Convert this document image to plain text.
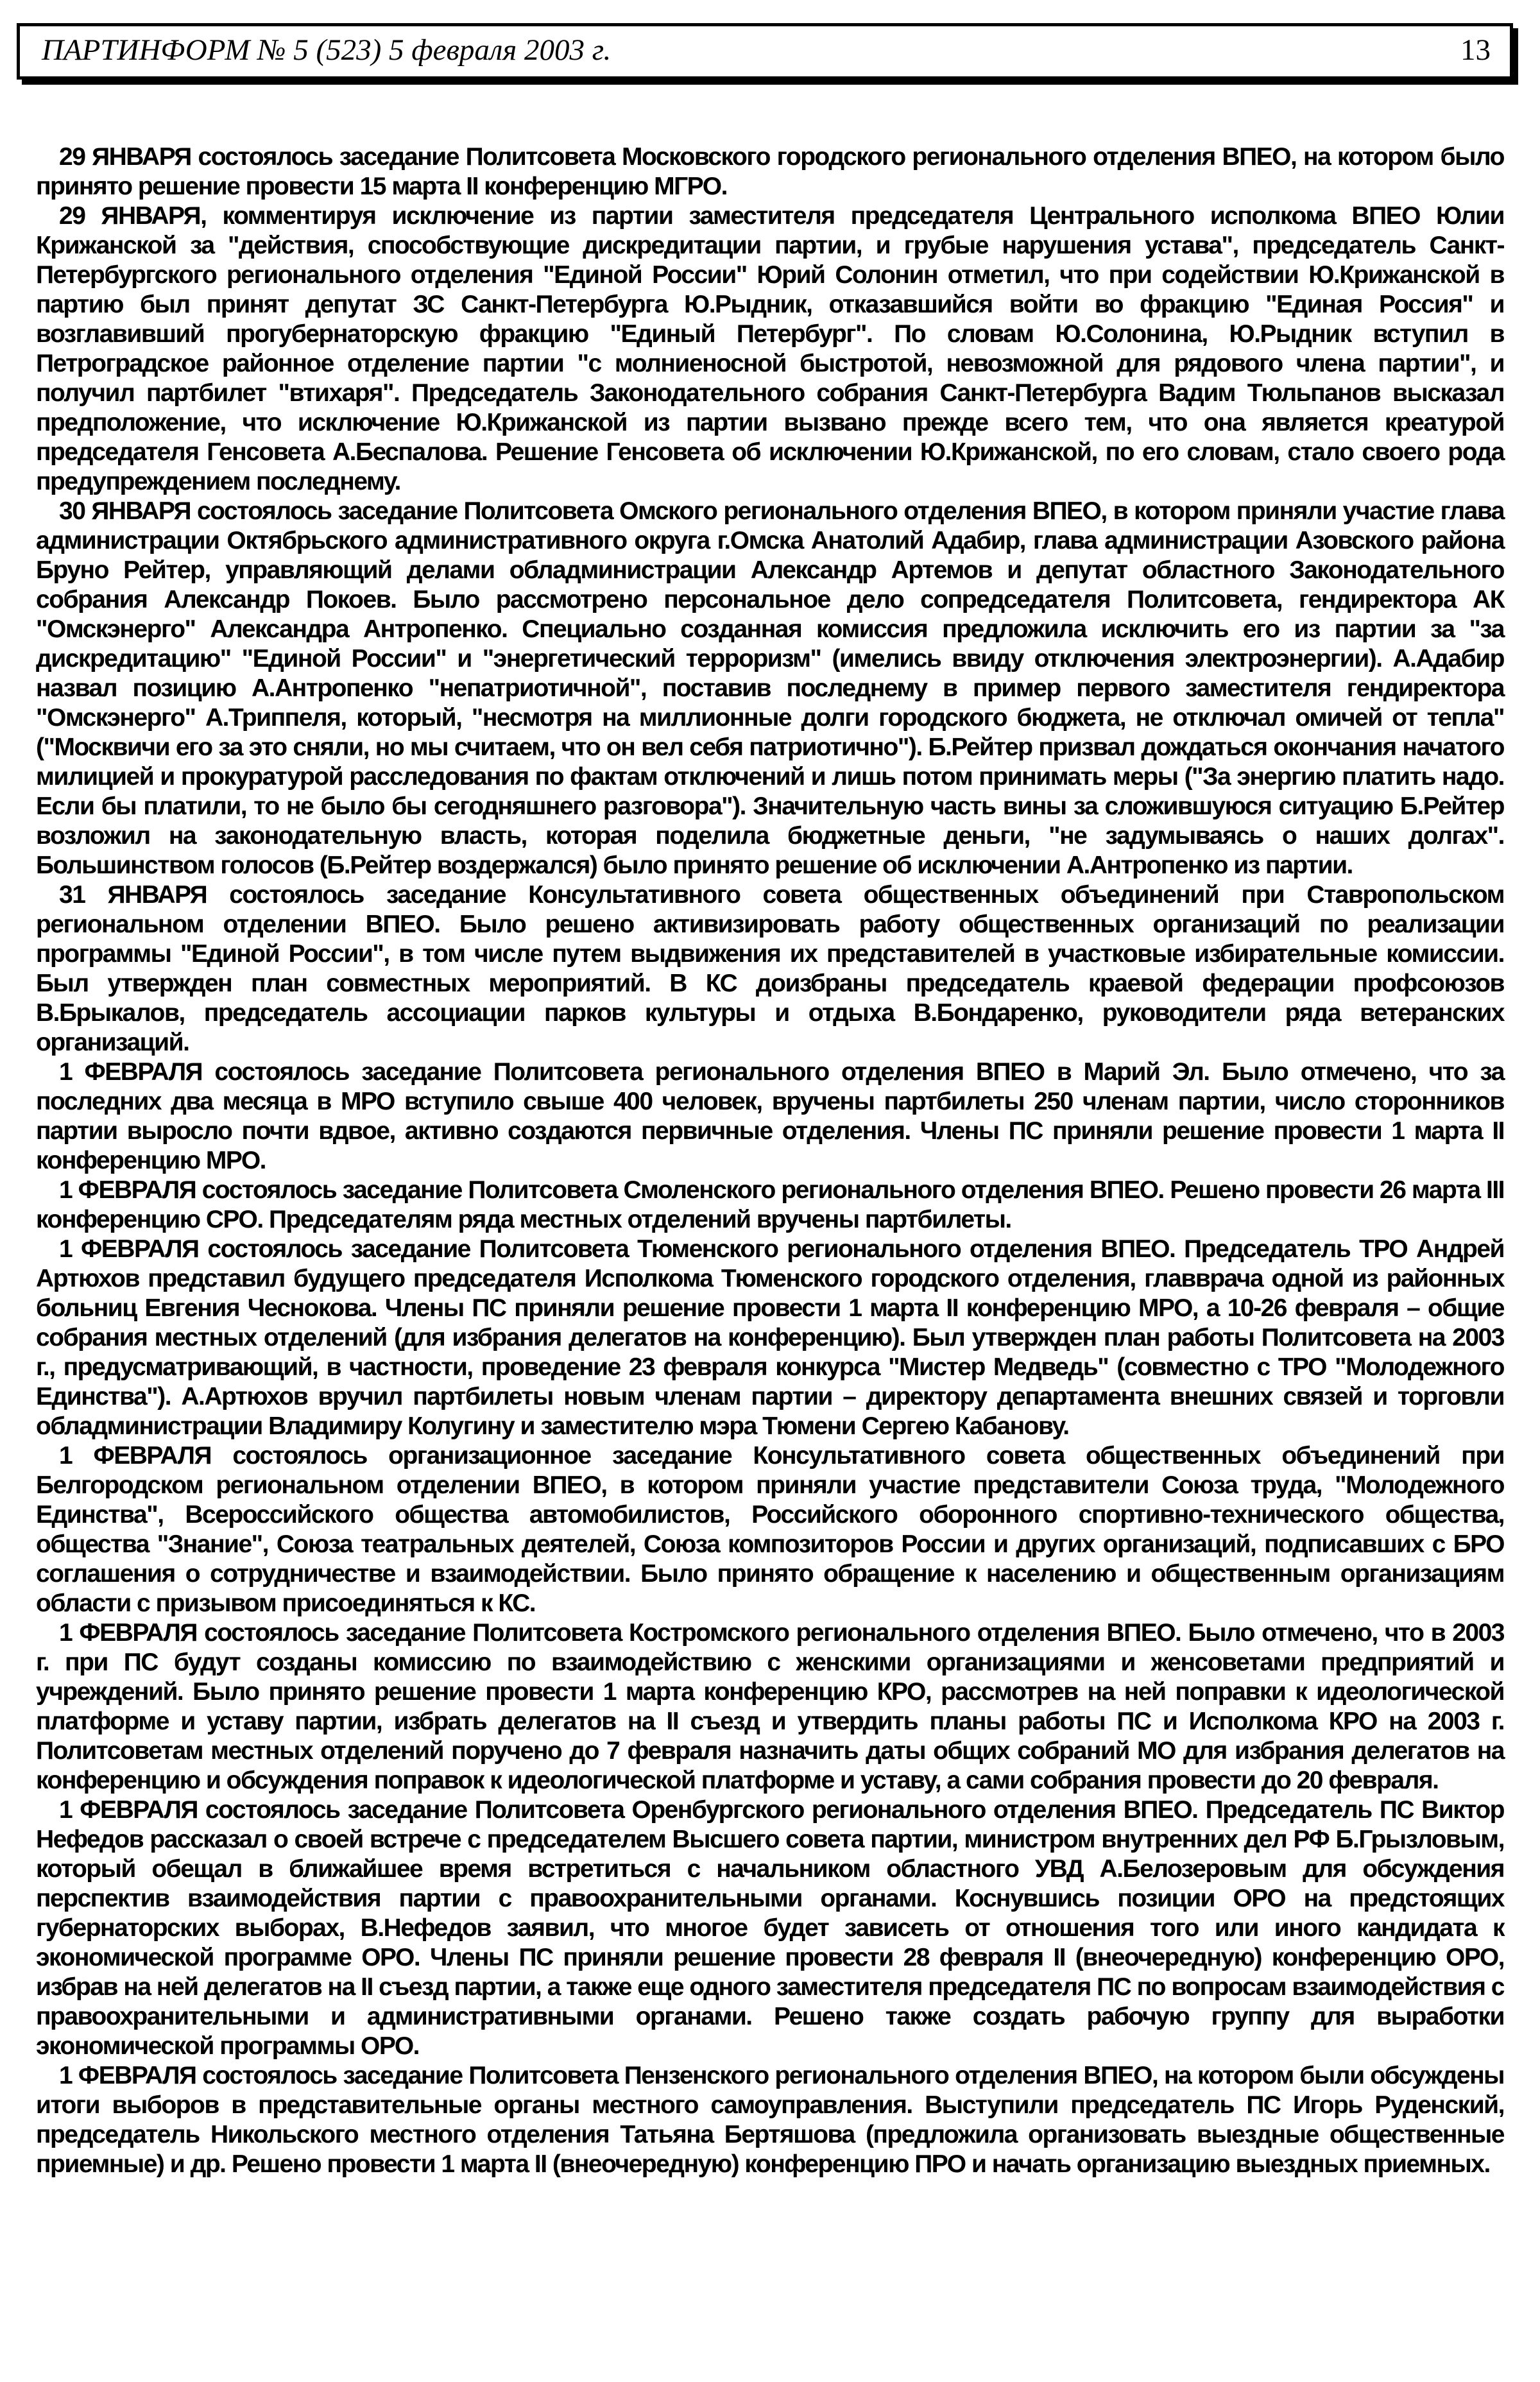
ПАРТИНФОРМ № 5 (523) 5 февраля 2003 г.	13

29 ЯНВАРЯ состоялось заседание Политсовета Московского городского регионального отделения ВПЕО, на котором было принято решение провести 15 марта II конференцию МГРО.

29 ЯНВАРЯ, комментируя исключение из партии заместителя председателя Центрального исполкома ВПЕО Юлии Крижанской за "действия, способствующие дискредитации партии, и грубые нарушения устава", председатель Санкт-Петербургского регионального отделения "Единой России" Юрий Солонин отметил, что при содействии Ю.Крижанской в партию был принят депутат ЗС Санкт-Петербурга Ю.Рыдник, отказавшийся войти во фракцию "Единая Россия" и возглавивший прогубернаторскую фракцию "Единый Петербург". По словам Ю.Солонина, Ю.Рыдник вступил в Петроградское районное отделение партии "с молниеносной быстротой, невозможной для рядового члена партии", и получил партбилет "втихаря". Председатель Законодательного собрания Санкт-Петербурга Вадим Тюльпанов высказал предположение, что исключение Ю.Крижанской из партии вызвано прежде всего тем, что она является креатурой председателя Генсовета А.Беспалова. Решение Генсовета об исключении Ю.Крижанской, по его словам, стало своего рода предупреждением последнему.

30 ЯНВАРЯ состоялось заседание Политсовета Омского регионального отделения ВПЕО, в котором приняли участие глава администрации Октябрьского административного округа г.Омска Анатолий Адабир, глава администрации Азовского района Бруно Рейтер, управляющий делами обладминистрации Александр Артемов и депутат областного Законодательного собрания Александр Покоев. Было рассмотрено персональное дело сопредседателя Политсовета, гендиректора АК "Омскэнерго" Александра Антропенко. Специально созданная комиссия предложила исключить его из партии за "за дискредитацию" "Единой России" и "энергетический терроризм" (имелись ввиду отключения электроэнергии). А.Адабир назвал позицию А.Антропенко "непатриотичной", поставив последнему в пример первого заместителя гендиректора "Омскэнерго" А.Триппеля, который, "несмотря на миллионные долги городского бюджета, не отключал омичей от тепла" ("Москвичи его за это сняли, но мы считаем, что он вел себя патриотично"). Б.Рейтер призвал дождаться окончания начатого милицией и прокуратурой расследования по фактам отключений и лишь потом принимать меры ("За энергию платить надо. Если бы платили, то не было бы сегодняшнего разговора"). Значительную часть вины за сложившуюся ситуацию Б.Рейтер возложил на законодательную власть, которая поделила бюджетные деньги, "не задумываясь о наших долгах". Большинством голосов (Б.Рейтер воздержался) было принято решение об исключении А.Антропенко из партии.

31 ЯНВАРЯ состоялось заседание Консультативного совета общественных объединений при Ставропольском региональном отделении ВПЕО. Было решено активизировать работу общественных организаций по реализации программы "Единой России", в том числе путем выдвижения их представителей в участковые избирательные комиссии. Был утвержден план совместных мероприятий. В КС доизбраны председатель краевой федерации профсоюзов В.Брыкалов, председатель ассоциации парков культуры и отдыха В.Бондаренко, руководители ряда ветеранских организаций.

1 ФЕВРАЛЯ состоялось заседание Политсовета регионального отделения ВПЕО в Марий Эл. Было отмечено, что за последних два месяца в МРО вступило свыше 400 человек, вручены партбилеты 250 членам партии, число сторонников партии выросло почти вдвое, активно создаются первичные отделения. Члены ПС приняли решение провести 1 марта II конференцию МРО.

1 ФЕВРАЛЯ состоялось заседание Политсовета Смоленского регионального отделения ВПЕО. Решено провести 26 марта III конференцию СРО. Председателям ряда местных отделений вручены партбилеты.

1 ФЕВРАЛЯ состоялось заседание Политсовета Тюменского регионального отделения ВПЕО. Председатель ТРО Андрей Артюхов представил будущего председателя Исполкома Тюменского городского отделения, главврача одной из районных больниц Евгения Чеснокова. Члены ПС приняли решение провести 1 марта II конференцию МРО, а 10-26 февраля – общие собрания местных отделений (для избрания делегатов на конференцию). Был утвержден план работы Политсовета на 2003 г., предусматривающий, в частности, проведение 23 февраля конкурса "Мистер Медведь" (совместно с ТРО "Молодежного Единства"). А.Артюхов вручил партбилеты новым членам партии – директору департамента внешних связей и торговли обладминистрации Владимиру Колугину и заместителю мэра Тюмени Сергею Кабанову.

1 ФЕВРАЛЯ состоялось организационное заседание Консультативного совета общественных объединений при Белгородском региональном отделении ВПЕО, в котором приняли участие представители Союза труда, "Молодежного Единства", Всероссийского общества автомобилистов, Российского оборонного спортивно-технического общества, общества "Знание", Союза театральных деятелей, Союза композиторов России и других организаций, подписавших с БРО соглашения о сотрудничестве и взаимодействии. Было принято обращение к населению и общественным организациям области с призывом присоединяться к КС.

1 ФЕВРАЛЯ состоялось заседание Политсовета Костромского регионального отделения ВПЕО. Было отмечено, что в 2003 г. при ПС будут созданы комиссию по взаимодействию с женскими организациями и женсоветами предприятий и учреждений. Было принято решение провести 1 марта конференцию КРО, рассмотрев на ней поправки к идеологической платформе и уставу партии, избрать делегатов на II съезд и утвердить планы работы ПС и Исполкома КРО на 2003 г. Политсоветам местных отделений поручено до 7 февраля назначить даты общих собраний МО для избрания делегатов на конференцию и обсуждения поправок к идеологической платформе и уставу, а сами собрания провести до 20 февраля.

1 ФЕВРАЛЯ состоялось заседание Политсовета Оренбургского регионального отделения ВПЕО. Председатель ПС Виктор Нефедов рассказал о своей встрече с председателем Высшего совета партии, министром внутренних дел РФ Б.Грызловым, который обещал в ближайшее время встретиться с начальником областного УВД А.Белозеровым для обсуждения перспектив взаимодействия партии с правоохранительными органами. Коснувшись позиции ОРО на предстоящих губернаторских выборах, В.Нефедов заявил, что многое будет зависеть от отношения того или иного кандидата к экономической программе ОРО. Члены ПС приняли решение провести 28 февраля II (внеочередную) конференцию ОРО, избрав на ней делегатов на II съезд партии, а также еще одного заместителя председателя ПС по вопросам взаимодействия с правоохранительными и административными органами. Решено также создать рабочую группу для выработки экономической программы ОРО.

1 ФЕВРАЛЯ состоялось заседание Политсовета Пензенского регионального отделения ВПЕО, на котором были обсуждены итоги выборов в представительные органы местного самоуправления. Выступили председатель ПС Игорь Руденский, председатель Никольского местного отделения Татьяна Бертяшова (предложила организовать выездные общественные приемные) и др. Решено провести 1 марта II (внеочередную) конференцию ПРО и начать организацию выездных приемных.
